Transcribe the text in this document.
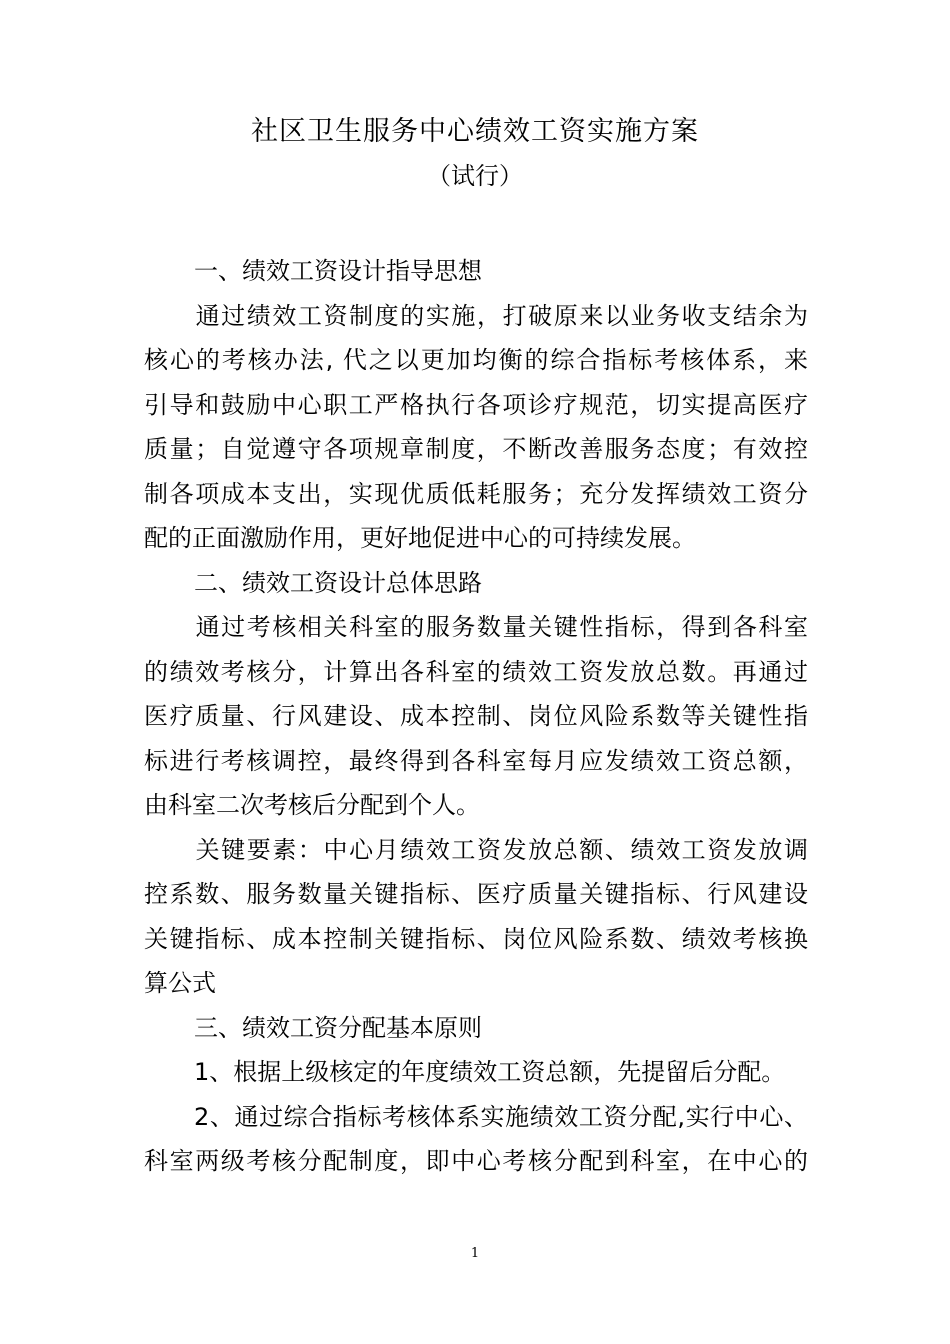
社区卫生服务中心绩效工资实施方案
（试行）
一、绩效工资设计指导思想
通过绩效工资制度的实施，打破原来以业务收支结余为
核心的考核办法, 代之以更加均衡的综合指标考核体系，来
引导和鼓励中心职工严格执行各项诊疗规范，切实提高医疗
质量；自觉遵守各项规章制度，不断改善服务态度；有效控
制各项成本支出，实现优质低耗服务；充分发挥绩效工资分
配的正面激励作用，更好地促进中心的可持续发展。
二、绩效工资设计总体思路
通过考核相关科室的服务数量关键性指标，得到各科室
的绩效考核分，计算出各科室的绩效工资发放总数。再通过
医疗质量、行风建设、成本控制、岗位风险系数等关键性指
标进行考核调控，最终得到各科室每月应发绩效工资总额，
由科室二次考核后分配到个人。
关键要素：中心月绩效工资发放总额、绩效工资发放调
控系数、服务数量关键指标、医疗质量关键指标、行风建设
关键指标、成本控制关键指标、岗位风险系数、绩效考核换
算公式
三、绩效工资分配基本原则
1、根据上级核定的年度绩效工资总额，先提留后分配。
2、通过综合指标考核体系实施绩效工资分配,实行中心、
科室两级考核分配制度，即中心考核分配到科室，在中心的
1
